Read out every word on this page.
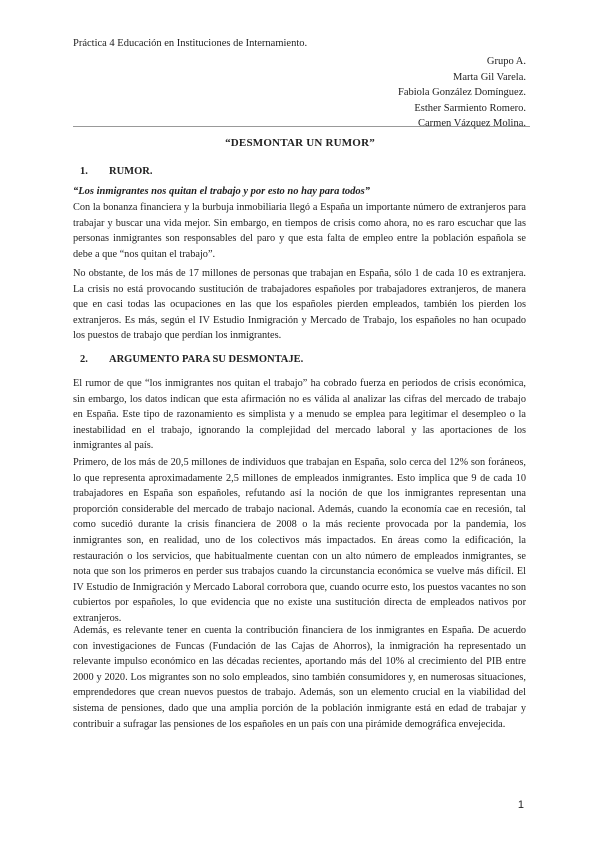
Práctica 4 Educación en Instituciones de Internamiento.
Grupo A.
Marta Gil Varela.
Fabiola González Domínguez.
Esther Sarmiento Romero.
Carmen Vázquez Molina.
“DESMONTAR UN RUMOR”
1. RUMOR.
“Los inmigrantes nos quitan el trabajo y por esto no hay para todos”

Con la bonanza financiera y la burbuja inmobiliaria llegó a España un importante número de extranjeros para trabajar y buscar una vida mejor. Sin embargo, en tiempos de crisis como ahora, no es raro escuchar que las personas inmigrantes son responsables del paro y que esta falta de empleo entre la población española se debe a que “nos quitan el trabajo”.

No obstante, de los más de 17 millones de personas que trabajan en España, sólo 1 de cada 10 es extranjera. La crisis no está provocando sustitución de trabajadores españoles por trabajadores extranjeros, de manera que en casi todas las ocupaciones en las que los españoles pierden empleados, también los pierden los extranjeros. Es más, según el IV Estudio Inmigración y Mercado de Trabajo, los españoles no han ocupado los puestos de trabajo que perdían los inmigrantes.

2. ARGUMENTO PARA SU DESMONTAJE.

El rumor de que “los inmigrantes nos quitan el trabajo” ha cobrado fuerza en periodos de crisis económica, sin embargo, los datos indican que esta afirmación no es válida al analizar las cifras del mercado de trabajo en España. Este tipo de razonamiento es simplista y a menudo se emplea para legitimar el desempleo o la inestabilidad en el trabajo, ignorando la complejidad del mercado laboral y las aportaciones de los inmigrantes al país.

Primero, de los más de 20,5 millones de individuos que trabajan en España, solo cerca del 12% son foráneos, lo que representa aproximadamente 2,5 millones de empleados inmigrantes. Esto implica que 9 de cada 10 trabajadores en España son españoles, refutando así la noción de que los inmigrantes representan una proporción considerable del mercado de trabajo nacional. Además, cuando la economía cae en recesión, tal como sucedió durante la crisis financiera de 2008 o la más reciente provocada por la pandemia, los inmigrantes son, en realidad, uno de los colectivos más impactados. En áreas como la edificación, la restauración o los servicios, que habitualmente cuentan con un alto número de empleados inmigrantes, se nota que son los primeros en perder sus trabajos cuando la circunstancia económica se vuelve más difícil. El IV Estudio de Inmigración y Mercado Laboral corrobora que, cuando ocurre esto, los puestos vacantes no son cubiertos por españoles, lo que evidencia que no existe una sustitución directa de empleados nativos por extranjeros.

Además, es relevante tener en cuenta la contribución financiera de los inmigrantes en España. De acuerdo con investigaciones de Funcas (Fundación de las Cajas de Ahorros), la inmigración ha representado un relevante impulso económico en las décadas recientes, aportando más del 10% al crecimiento del PIB entre 2000 y 2020. Los migrantes son no solo empleados, sino también consumidores y, en numerosas situaciones, emprendedores que crean nuevos puestos de trabajo. Además, son un elemento crucial en la viabilidad del sistema de pensiones, dado que una amplia porción de la población inmigrante está en edad de trabajar y contribuir a sufragar las pensiones de los españoles en un país con una pirámide demográfica envejecida.

1
